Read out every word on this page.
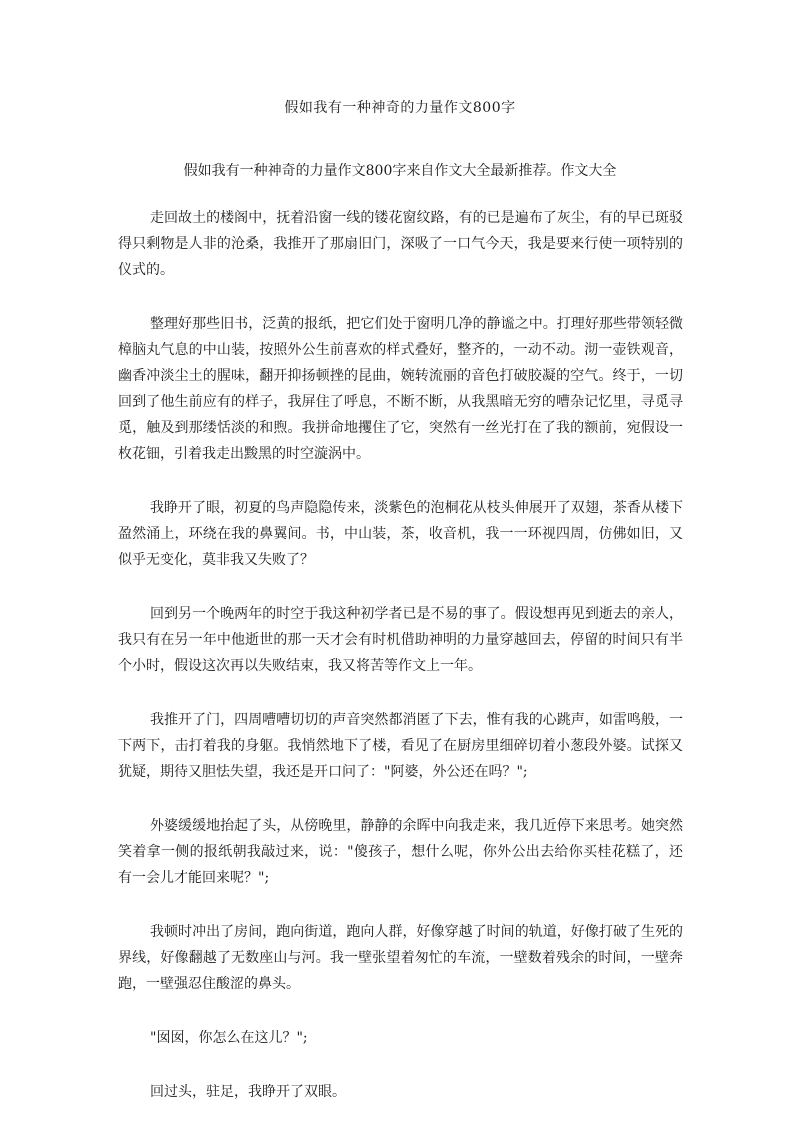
假如我有一种神奇的力量作文800字

假如我有一种神奇的力量作文800字来自作文大全最新推荐。作文大全

走回故土的楼阁中，抚着沿窗一线的镂花窗纹路，有的已是遍布了灰尘，有的早已斑驳得只剩物是人非的沧桑，我推开了那扇旧门，深吸了一口气今天，我是要来行使一项特别的仪式的。

整理好那些旧书，泛黄的报纸，把它们处于窗明几净的静谧之中。打理好那些带领轻微樟脑丸气息的中山装，按照外公生前喜欢的样式叠好，整齐的，一动不动。沏一壶铁观音，幽香冲淡尘土的腥味，翻开抑扬顿挫的昆曲，婉转流丽的音色打破胶凝的空气。终于，一切回到了他生前应有的样子，我屏住了呼息，不断不断，从我黑暗无穷的嘈杂记忆里，寻觅寻觅，触及到那缕恬淡的和煦。我拼命地攫住了它，突然有一丝光打在了我的额前，宛假设一枚花钿，引着我走出黢黑的时空漩涡中。

我睁开了眼，初夏的鸟声隐隐传来，淡紫色的泡桐花从枝头伸展开了双翅，茶香从楼下盈然涌上，环绕在我的鼻翼间。书，中山装，茶，收音机，我一一环视四周，仿佛如旧，又似乎无变化，莫非我又失败了？

回到另一个晚两年的时空于我这种初学者已是不易的事了。假设想再见到逝去的亲人，我只有在另一年中他逝世的那一天才会有时机借助神明的力量穿越回去，停留的时间只有半个小时，假设这次再以失败结束，我又将苦等作文上一年。

我推开了门，四周嘈嘈切切的声音突然都消匿了下去，惟有我的心跳声，如雷鸣般，一下两下，击打着我的身躯。我悄然地下了楼，看见了在厨房里细碎切着小葱段外婆。试探又犹疑，期待又胆怯失望，我还是开口问了："阿婆，外公还在吗？";

外婆缓缓地抬起了头，从傍晚里，静静的余晖中向我走来，我几近停下来思考。她突然笑着拿一侧的报纸朝我敲过来，说："傻孩子，想什么呢，你外公出去给你买桂花糕了，还有一会儿才能回来呢？";

我顿时冲出了房间，跑向街道，跑向人群，好像穿越了时间的轨道，好像打破了生死的界线，好像翻越了无数座山与河。我一壁张望着匆忙的车流，一壁数着残余的时间，一壁奔跑，一壁强忍住酸涩的鼻头。

"囡囡，你怎么在这儿？";

回过头，驻足，我睁开了双眼。
